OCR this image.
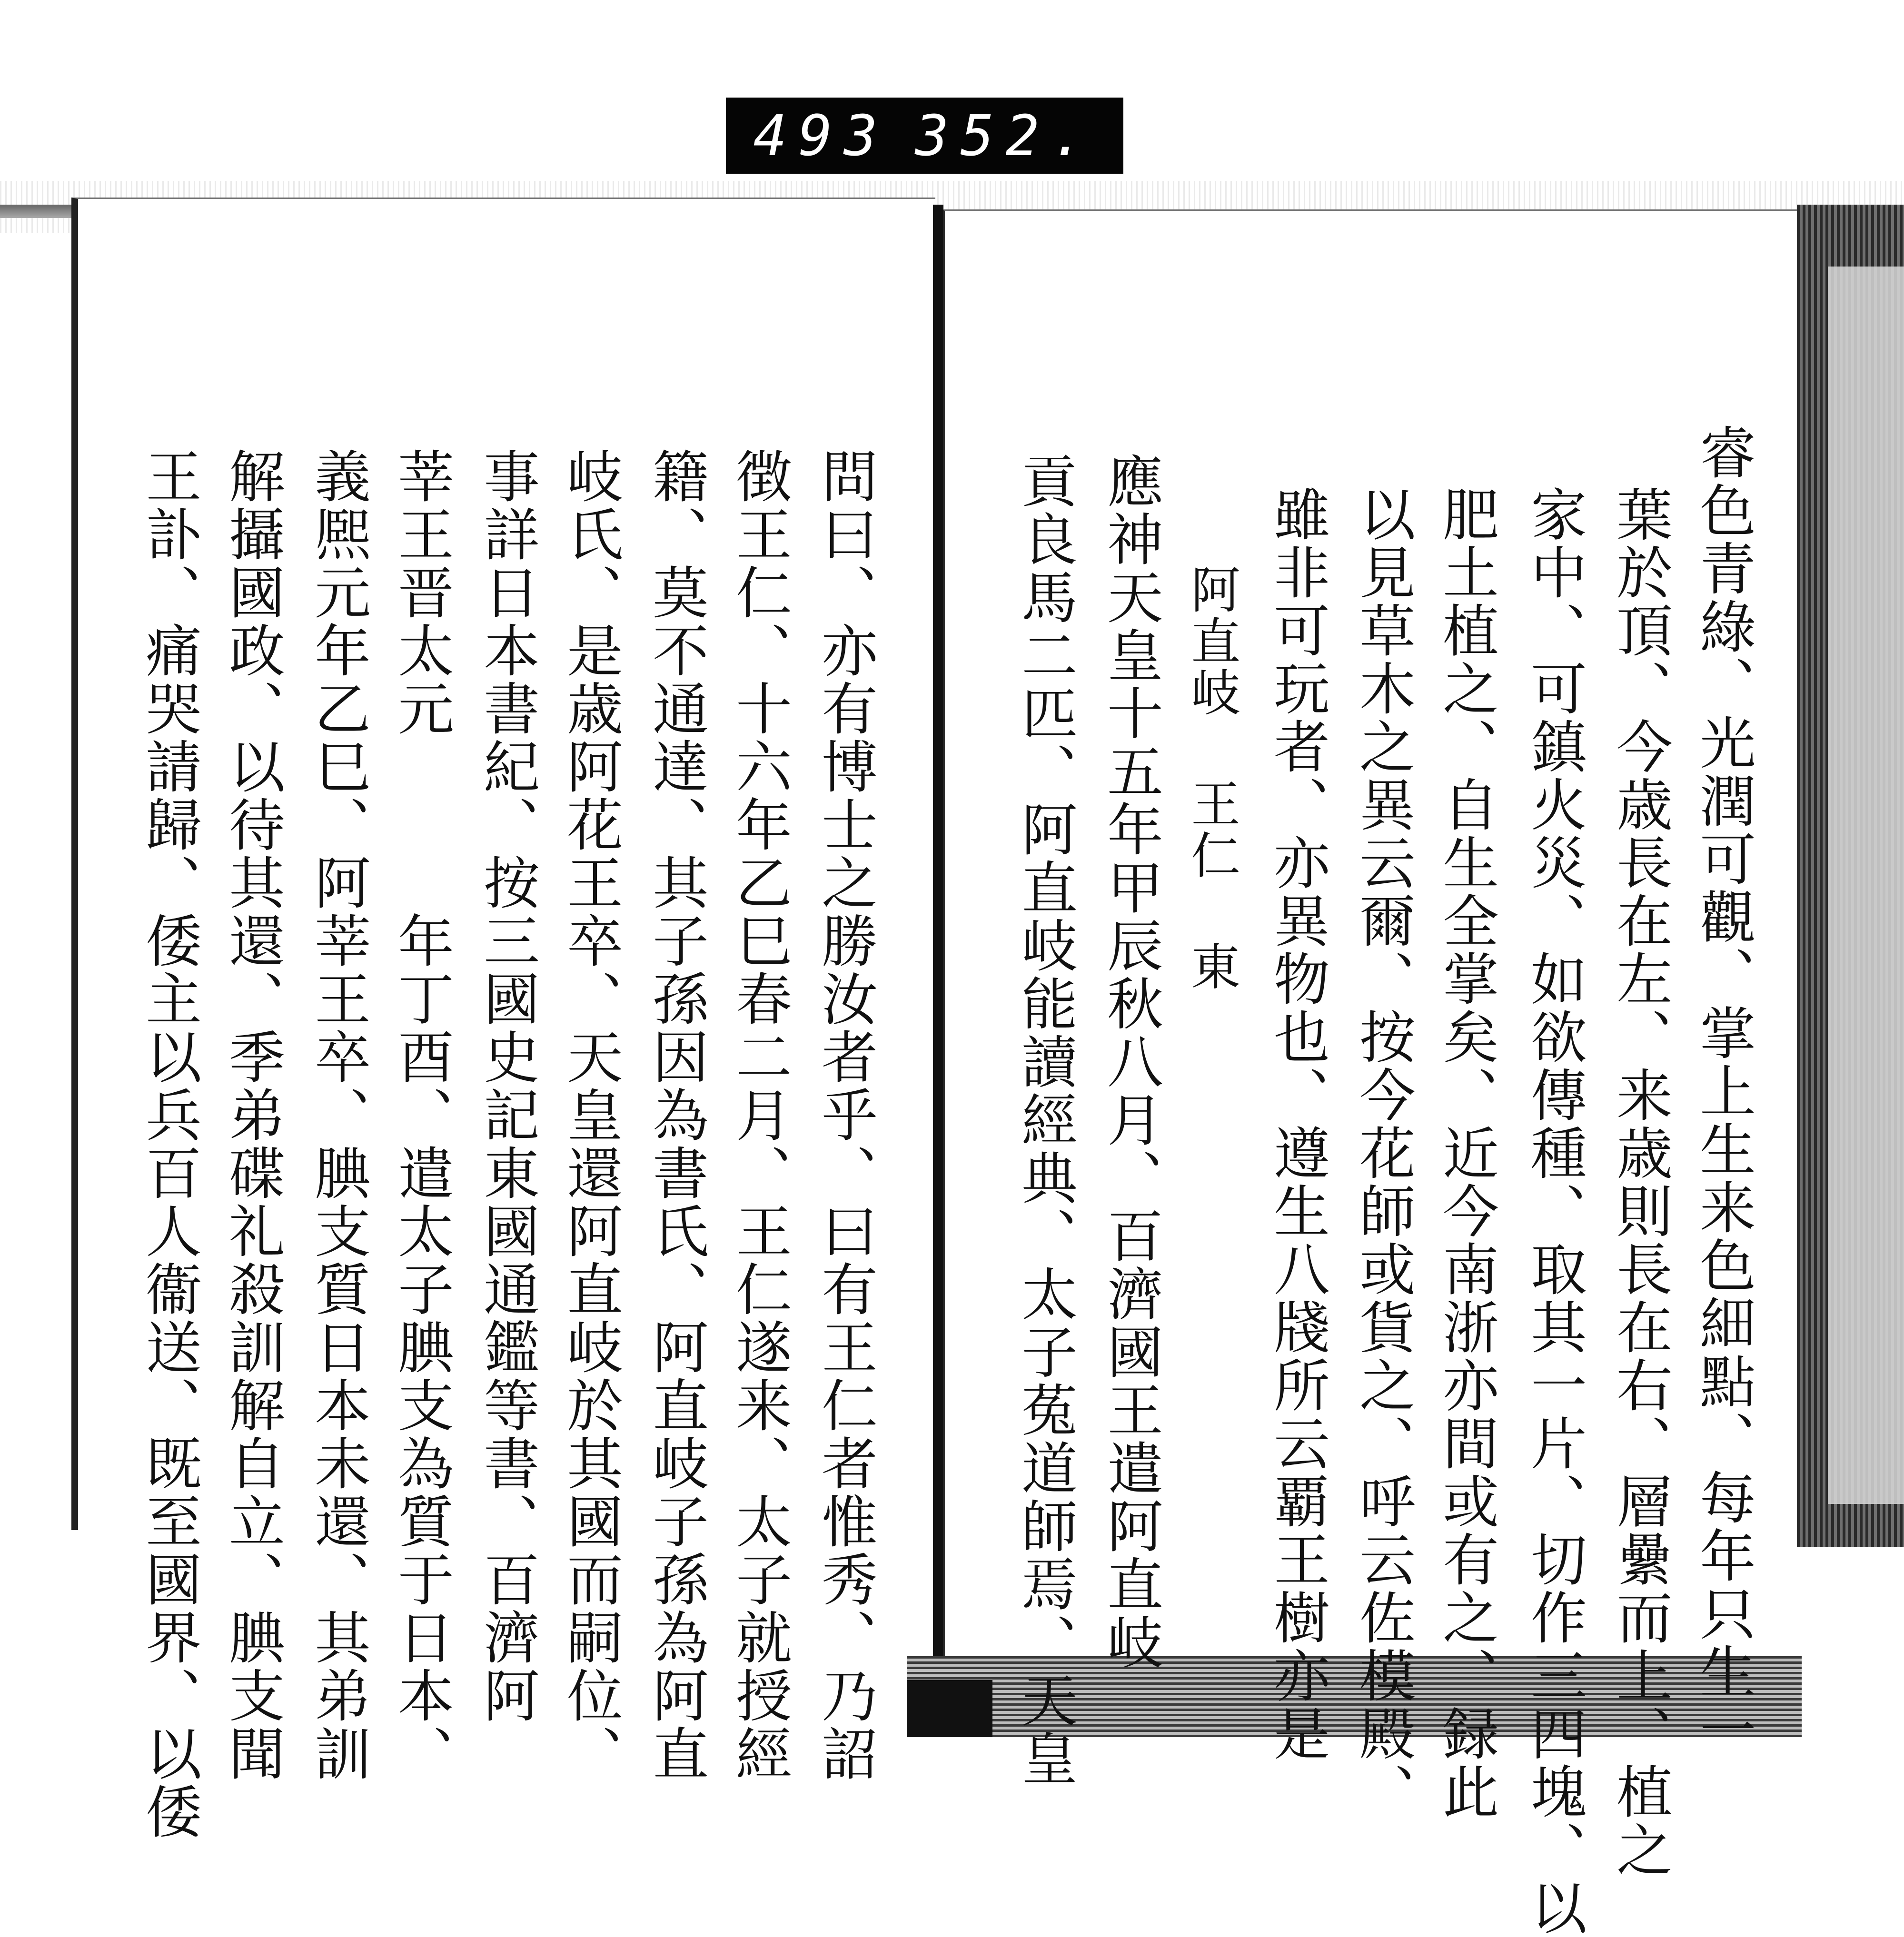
493 352.
睿色青綠、光潤可觀、掌上生来色細點、每年只生一
葉於頂、今歳長在左、来歳則長在右、層纍而上、植之
家中、可鎮火災、如欲傳種、取其一片、切作三四塊、以
肥土植之、自生全掌矣、近今南浙亦間或有之、録此
以見草木之異云爾、按今花師或貨之、呼云佐模殿、
雖非可玩者、亦異物也、遵生八牋所云覇王樹亦是
阿直岐 王仁 東
應神天皇十五年甲辰秋八月、百濟國王遣阿直岐
貢良馬二匹、阿直岐能讀經典、太子菟道師焉、天皇
問曰、亦有博士之勝汝者乎、曰有王仁者惟秀、乃詔
徴王仁、十六年乙巳春二月、王仁遂来、太子就授經
籍、莫不通達、其子孫因為書氏、阿直岐子孫為阿直
岐氏、是歳阿花王卒、天皇還阿直岐於其國而嗣位、
事詳日本書紀、按三國史記東國通鑑等書、百濟阿
莘王晋太元　　　年丁酉、遣太子腆支為質于日本、
義熈元年乙巳、阿莘王卒、腆支質日本未還、其弟訓
解攝國政、以待其還、季弟碟礼殺訓解自立、腆支聞
王訃、痛哭請歸、倭主以兵百人衞送、既至國界、以倭
